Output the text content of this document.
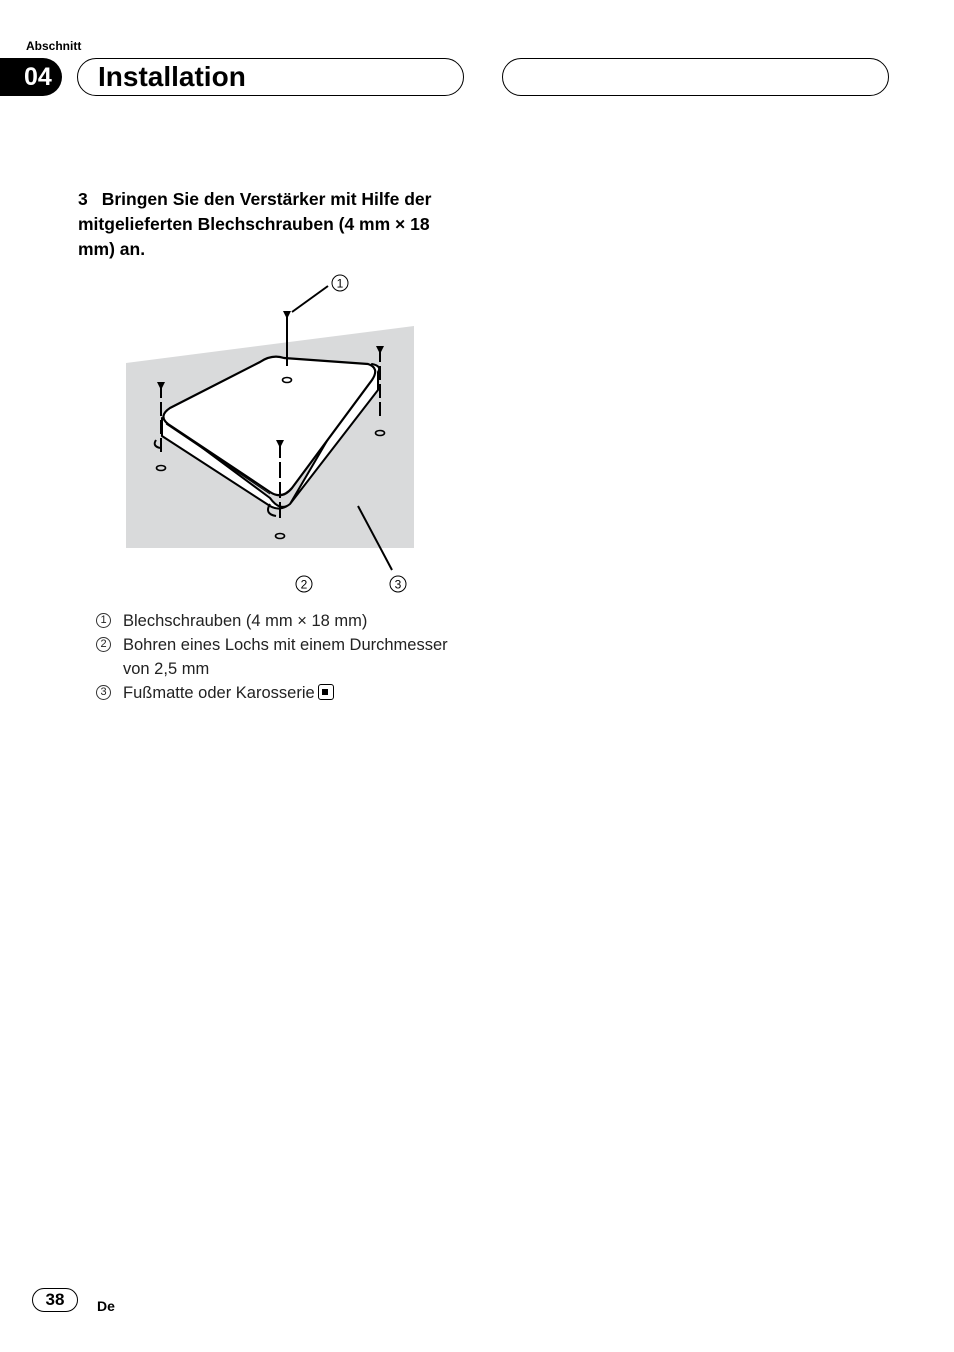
Abschnitt
04	Installation
3 Bringen Sie den Verstärker mit Hilfe der mitgelieferten Blechschrauben (4 mm × 18 mm) an.
1
2	3
1 Blechschrauben (4 mm × 18 mm)
2 Bohren eines Lochs mit einem Durchmesser von 2,5 mm
3 Fußmatte oder Karosserie
38	De
